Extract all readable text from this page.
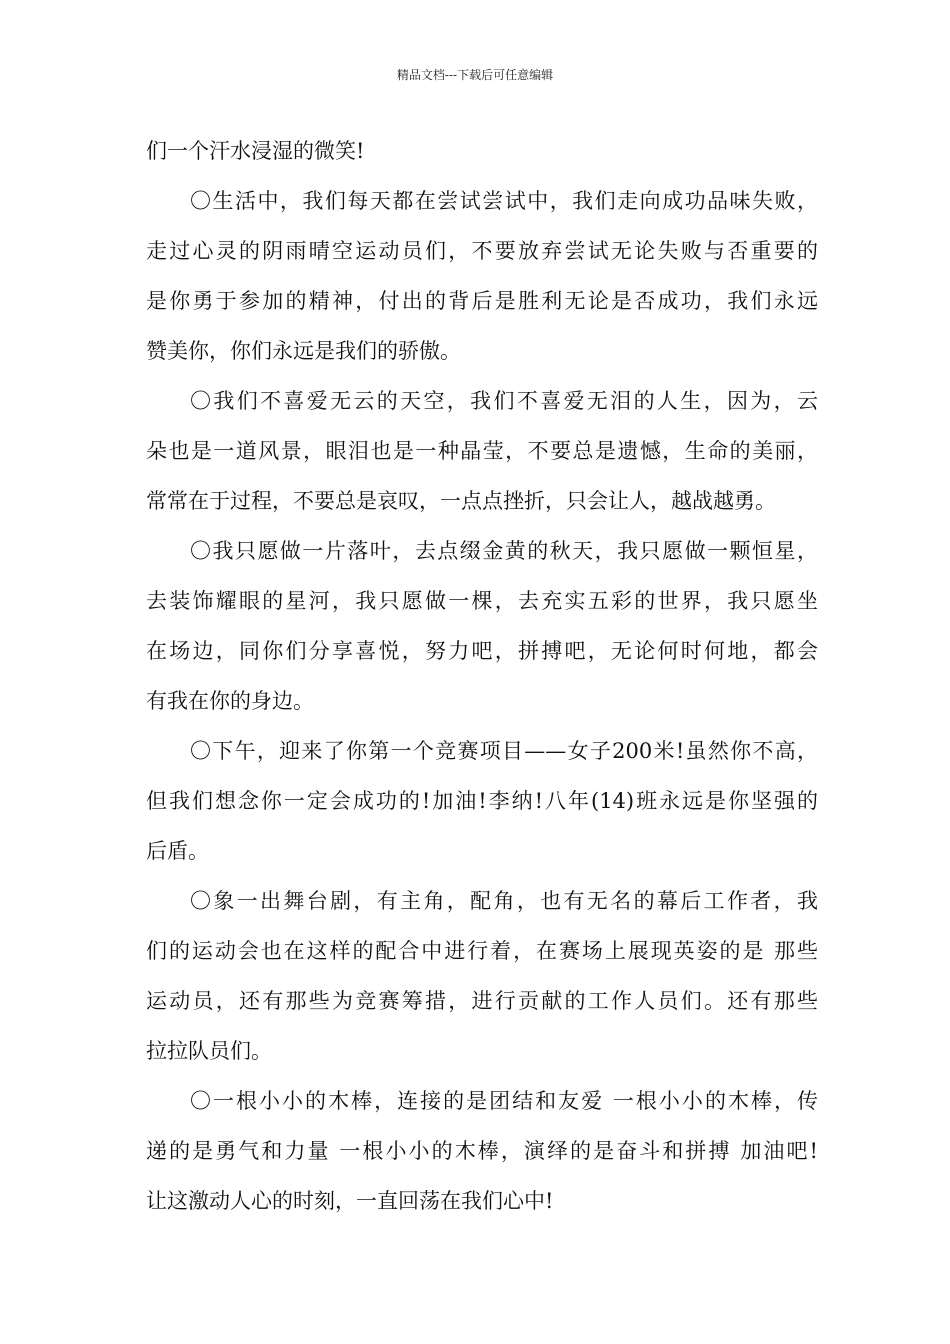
精品文档---下载后可任意编辑

们一个汗水浸湿的微笑!

〇生活中，我们每天都在尝试尝试中，我们走向成功品味失败，

走过心灵的阴雨晴空运动员们，不要放弃尝试无论失败与否重要的

是你勇于参加的精神，付出的背后是胜利无论是否成功，我们永远

赞美你，你们永远是我们的骄傲。

〇我们不喜爱无云的天空，我们不喜爱无泪的人生，因为，云

朵也是一道风景，眼泪也是一种晶莹，不要总是遗憾，生命的美丽，

常常在于过程，不要总是哀叹，一点点挫折，只会让人，越战越勇。

〇我只愿做一片落叶，去点缀金黄的秋天，我只愿做一颗恒星，

去装饰耀眼的星河，我只愿做一棵，去充实五彩的世界，我只愿坐

在场边，同你们分享喜悦，努力吧，拼搏吧，无论何时何地，都会

有我在你的身边。

〇下午，迎来了你第一个竞赛项目——女子200米!虽然你不高，

但我们想念你一定会成功的!加油!李纳!八年(14)班永远是你坚强的

后盾。

〇象一出舞台剧，有主角，配角，也有无名的幕后工作者，我

们的运动会也在这样的配合中进行着，在赛场上展现英姿的是 那些

运动员，还有那些为竞赛筹措，进行贡献的工作人员们。还有那些

拉拉队员们。

〇一根小小的木棒，连接的是团结和友爱 一根小小的木棒，传

递的是勇气和力量 一根小小的木棒，演绎的是奋斗和拼搏 加油吧!

让这激动人心的时刻，一直回荡在我们心中!
